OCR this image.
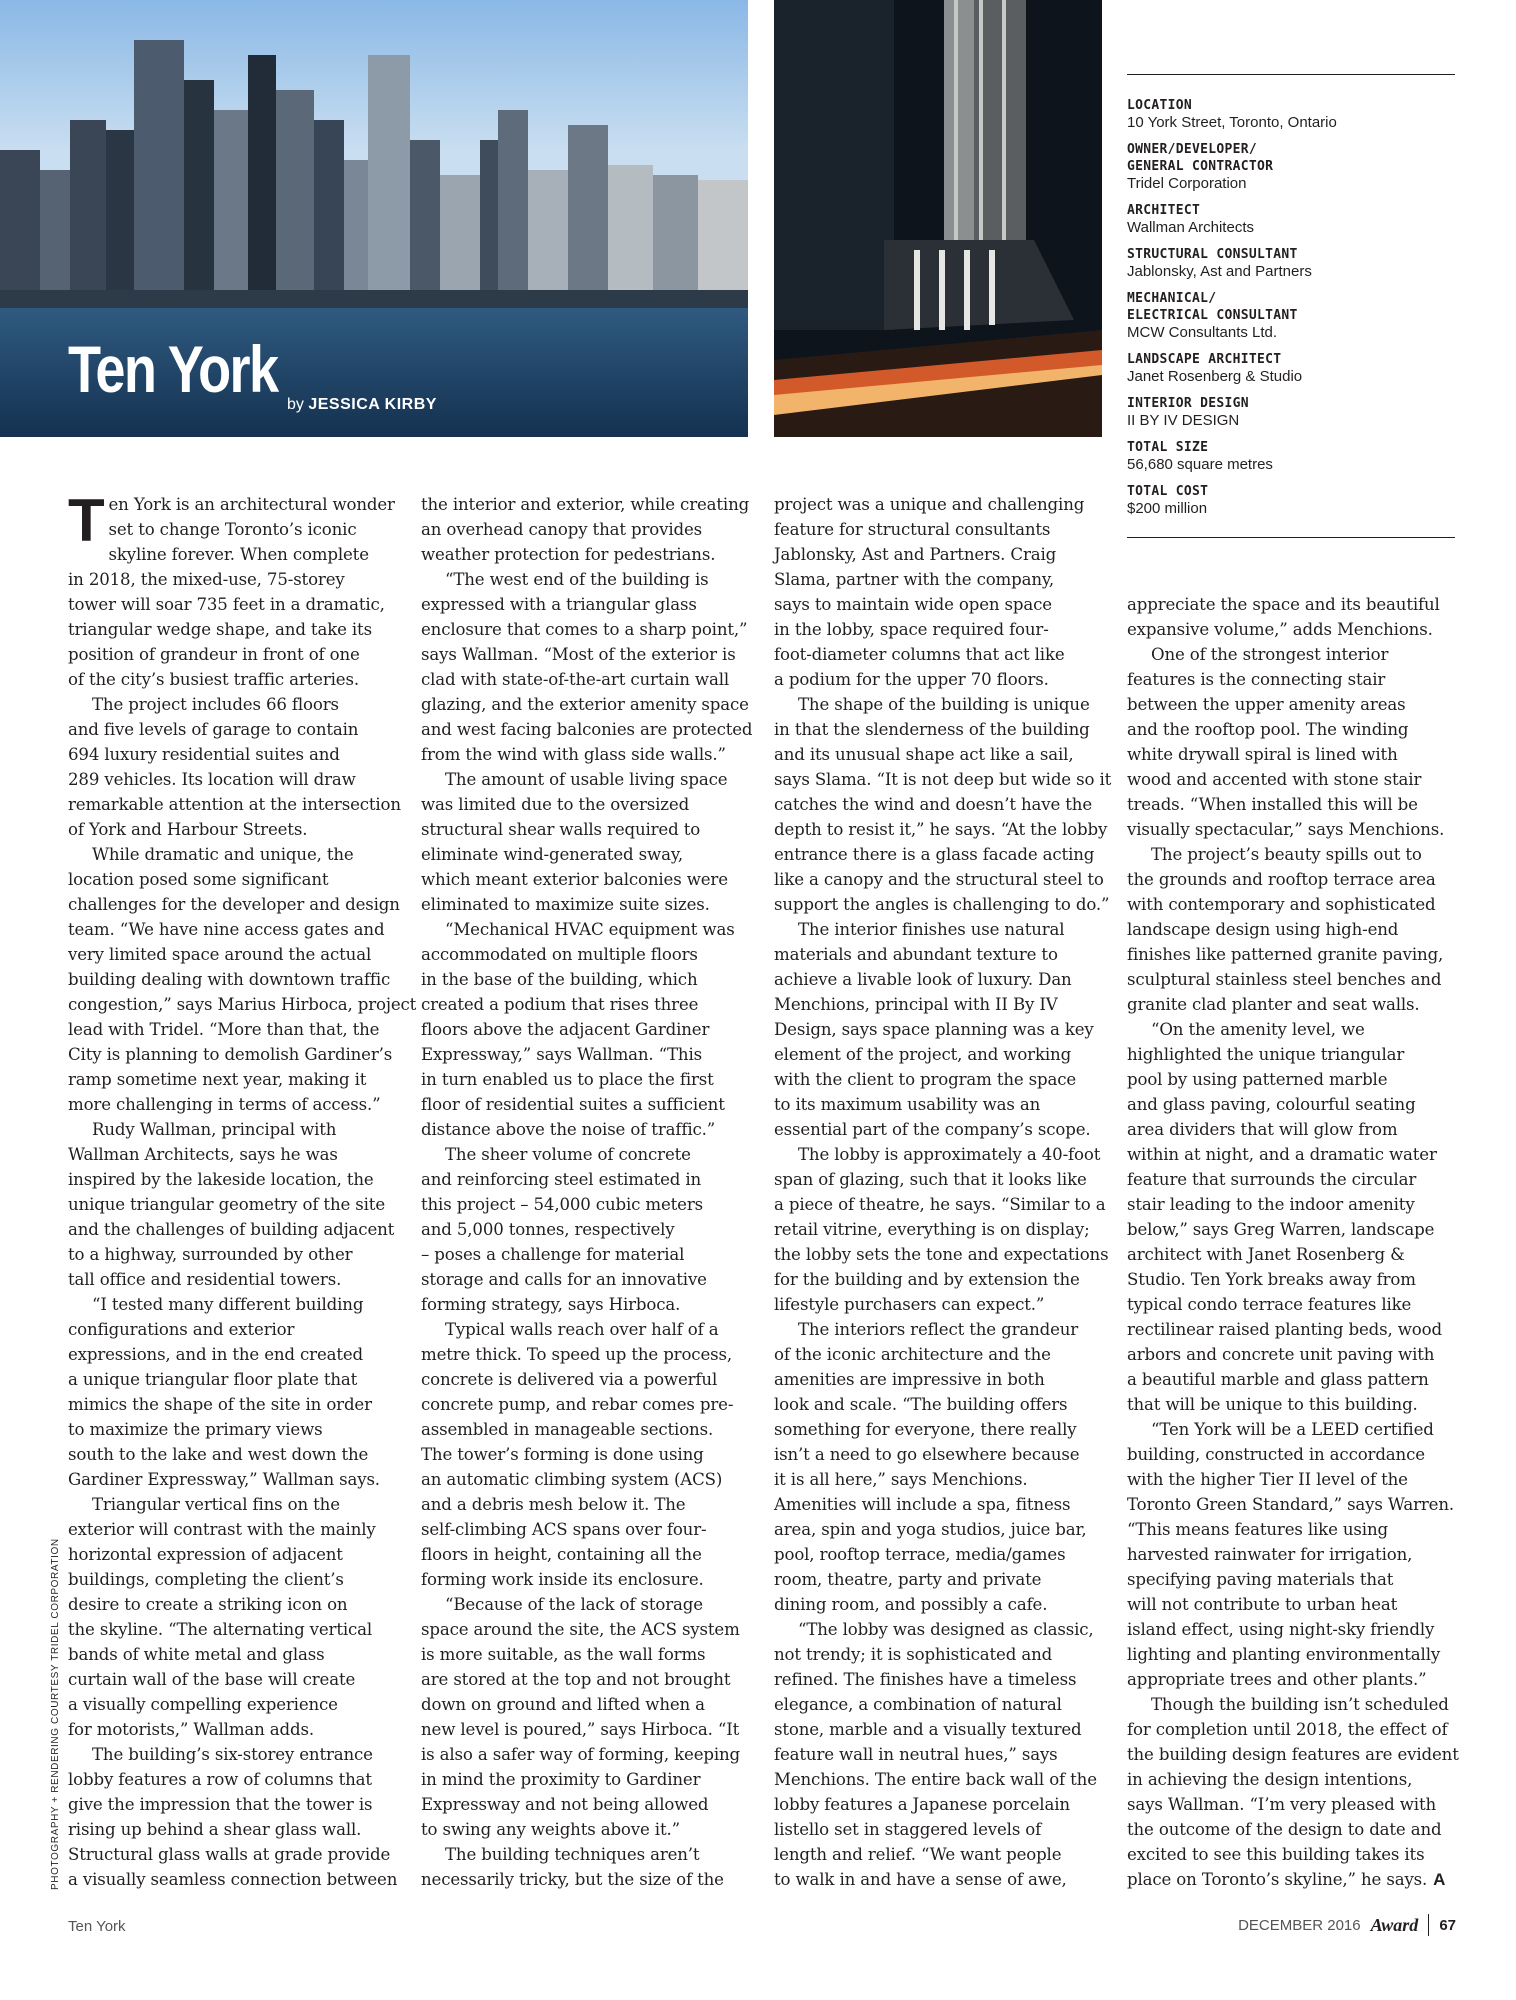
Ten York by JESSICA KIRBY
LOCATION
10 York Street, Toronto, Ontario
OWNER/DEVELOPER/
GENERAL CONTRACTOR
Tridel Corporation
ARCHITECT
Wallman Architects
STRUCTURAL CONSULTANT
Jablonsky, Ast and Partners
MECHANICAL/
ELECTRICAL CONSULTANT
MCW Consultants Ltd.
LANDSCAPE ARCHITECT
Janet Rosenberg & Studio
INTERIOR DESIGN
II BY IV DESIGN
TOTAL SIZE
56,680 square metres
TOTAL COST
$200 million
T en York is an architectural wonder
set to change Toronto’s iconic
skyline forever. When complete
in 2018, the mixed-use, 75-storey
tower will soar 735 feet in a dramatic,
triangular wedge shape, and take its
position of grandeur in front of one
of the city’s busiest traffic arteries.
The project includes 66 floors
and five levels of garage to contain
694 luxury residential suites and
289 vehicles. Its location will draw
remarkable attention at the intersection
of York and Harbour Streets.
While dramatic and unique, the
location posed some significant
challenges for the developer and design
team. “We have nine access gates and
very limited space around the actual
building dealing with downtown traffic
congestion,” says Marius Hirboca, project
lead with Tridel. “More than that, the
City is planning to demolish Gardiner’s
ramp sometime next year, making it
more challenging in terms of access.”
Rudy Wallman, principal with
Wallman Architects, says he was
inspired by the lakeside location, the
unique triangular geometry of the site
and the challenges of building adjacent
to a highway, surrounded by other
tall office and residential towers.
“I tested many different building
configurations and exterior
expressions, and in the end created
a unique triangular floor plate that
mimics the shape of the site in order
to maximize the primary views
south to the lake and west down the
Gardiner Expressway,” Wallman says.
Triangular vertical fins on the
exterior will contrast with the mainly
horizontal expression of adjacent
buildings, completing the client’s
desire to create a striking icon on
the skyline. “The alternating vertical
bands of white metal and glass
curtain wall of the base will create
a visually compelling experience
for motorists,” Wallman adds.
The building’s six-storey entrance
lobby features a row of columns that
give the impression that the tower is
rising up behind a shear glass wall.
Structural glass walls at grade provide
a visually seamless connection between
the interior and exterior, while creating
an overhead canopy that provides
weather protection for pedestrians.
“The west end of the building is
expressed with a triangular glass
enclosure that comes to a sharp point,”
says Wallman. “Most of the exterior is
clad with state-of-the-art curtain wall
glazing, and the exterior amenity space
and west facing balconies are protected
from the wind with glass side walls.”
The amount of usable living space
was limited due to the oversized
structural shear walls required to
eliminate wind-generated sway,
which meant exterior balconies were
eliminated to maximize suite sizes.
“Mechanical HVAC equipment was
accommodated on multiple floors
in the base of the building, which
created a podium that rises three
floors above the adjacent Gardiner
Expressway,” says Wallman. “This
in turn enabled us to place the first
floor of residential suites a sufficient
distance above the noise of traffic.”
The sheer volume of concrete
and reinforcing steel estimated in
this project – 54,000 cubic meters
and 5,000 tonnes, respectively
– poses a challenge for material
storage and calls for an innovative
forming strategy, says Hirboca.
Typical walls reach over half of a
metre thick. To speed up the process,
concrete is delivered via a powerful
concrete pump, and rebar comes pre-
assembled in manageable sections.
The tower’s forming is done using
an automatic climbing system (ACS)
and a debris mesh below it. The
self-climbing ACS spans over four-
floors in height, containing all the
forming work inside its enclosure.
“Because of the lack of storage
space around the site, the ACS system
is more suitable, as the wall forms
are stored at the top and not brought
down on ground and lifted when a
new level is poured,” says Hirboca. “It
is also a safer way of forming, keeping
in mind the proximity to Gardiner
Expressway and not being allowed
to swing any weights above it.”
The building techniques aren’t
necessarily tricky, but the size of the
project was a unique and challenging
feature for structural consultants
Jablonsky, Ast and Partners. Craig
Slama, partner with the company,
says to maintain wide open space
in the lobby, space required four-
foot-diameter columns that act like
a podium for the upper 70 floors.
The shape of the building is unique
in that the slenderness of the building
and its unusual shape act like a sail,
says Slama. “It is not deep but wide so it
catches the wind and doesn’t have the
depth to resist it,” he says. “At the lobby
entrance there is a glass facade acting
like a canopy and the structural steel to
support the angles is challenging to do.”
The interior finishes use natural
materials and abundant texture to
achieve a livable look of luxury. Dan
Menchions, principal with II By IV
Design, says space planning was a key
element of the project, and working
with the client to program the space
to its maximum usability was an
essential part of the company’s scope.
The lobby is approximately a 40-foot
span of glazing, such that it looks like
a piece of theatre, he says. “Similar to a
retail vitrine, everything is on display;
the lobby sets the tone and expectations
for the building and by extension the
lifestyle purchasers can expect.”
The interiors reflect the grandeur
of the iconic architecture and the
amenities are impressive in both
look and scale. “The building offers
something for everyone, there really
isn’t a need to go elsewhere because
it is all here,” says Menchions.
Amenities will include a spa, fitness
area, spin and yoga studios, juice bar,
pool, rooftop terrace, media/games
room, theatre, party and private
dining room, and possibly a cafe.
“The lobby was designed as classic,
not trendy; it is sophisticated and
refined. The finishes have a timeless
elegance, a combination of natural
stone, marble and a visually textured
feature wall in neutral hues,” says
Menchions. The entire back wall of the
lobby features a Japanese porcelain
listello set in staggered levels of
length and relief. “We want people
to walk in and have a sense of awe,
appreciate the space and its beautiful
expansive volume,” adds Menchions.
One of the strongest interior
features is the connecting stair
between the upper amenity areas
and the rooftop pool. The winding
white drywall spiral is lined with
wood and accented with stone stair
treads. “When installed this will be
visually spectacular,” says Menchions.
The project’s beauty spills out to
the grounds and rooftop terrace area
with contemporary and sophisticated
landscape design using high-end
finishes like patterned granite paving,
sculptural stainless steel benches and
granite clad planter and seat walls.
“On the amenity level, we
highlighted the unique triangular
pool by using patterned marble
and glass paving, colourful seating
area dividers that will glow from
within at night, and a dramatic water
feature that surrounds the circular
stair leading to the indoor amenity
below,” says Greg Warren, landscape
architect with Janet Rosenberg &
Studio. Ten York breaks away from
typical condo terrace features like
rectilinear raised planting beds, wood
arbors and concrete unit paving with
a beautiful marble and glass pattern
that will be unique to this building.
“Ten York will be a LEED certified
building, constructed in accordance
with the higher Tier II level of the
Toronto Green Standard,” says Warren.
“This means features like using
harvested rainwater for irrigation,
specifying paving materials that
will not contribute to urban heat
island effect, using night-sky friendly
lighting and planting environmentally
appropriate trees and other plants.”
Though the building isn’t scheduled
for completion until 2018, the effect of
the building design features are evident
in achieving the design intentions,
says Wallman. “I’m very pleased with
the outcome of the design to date and
excited to see this building takes its
place on Toronto’s skyline,” he says. A
PHOTOGRAPHY + RENDERING COURTESY TRIDEL CORPORATION
Ten York	DECEMBER 2016 Award 67
